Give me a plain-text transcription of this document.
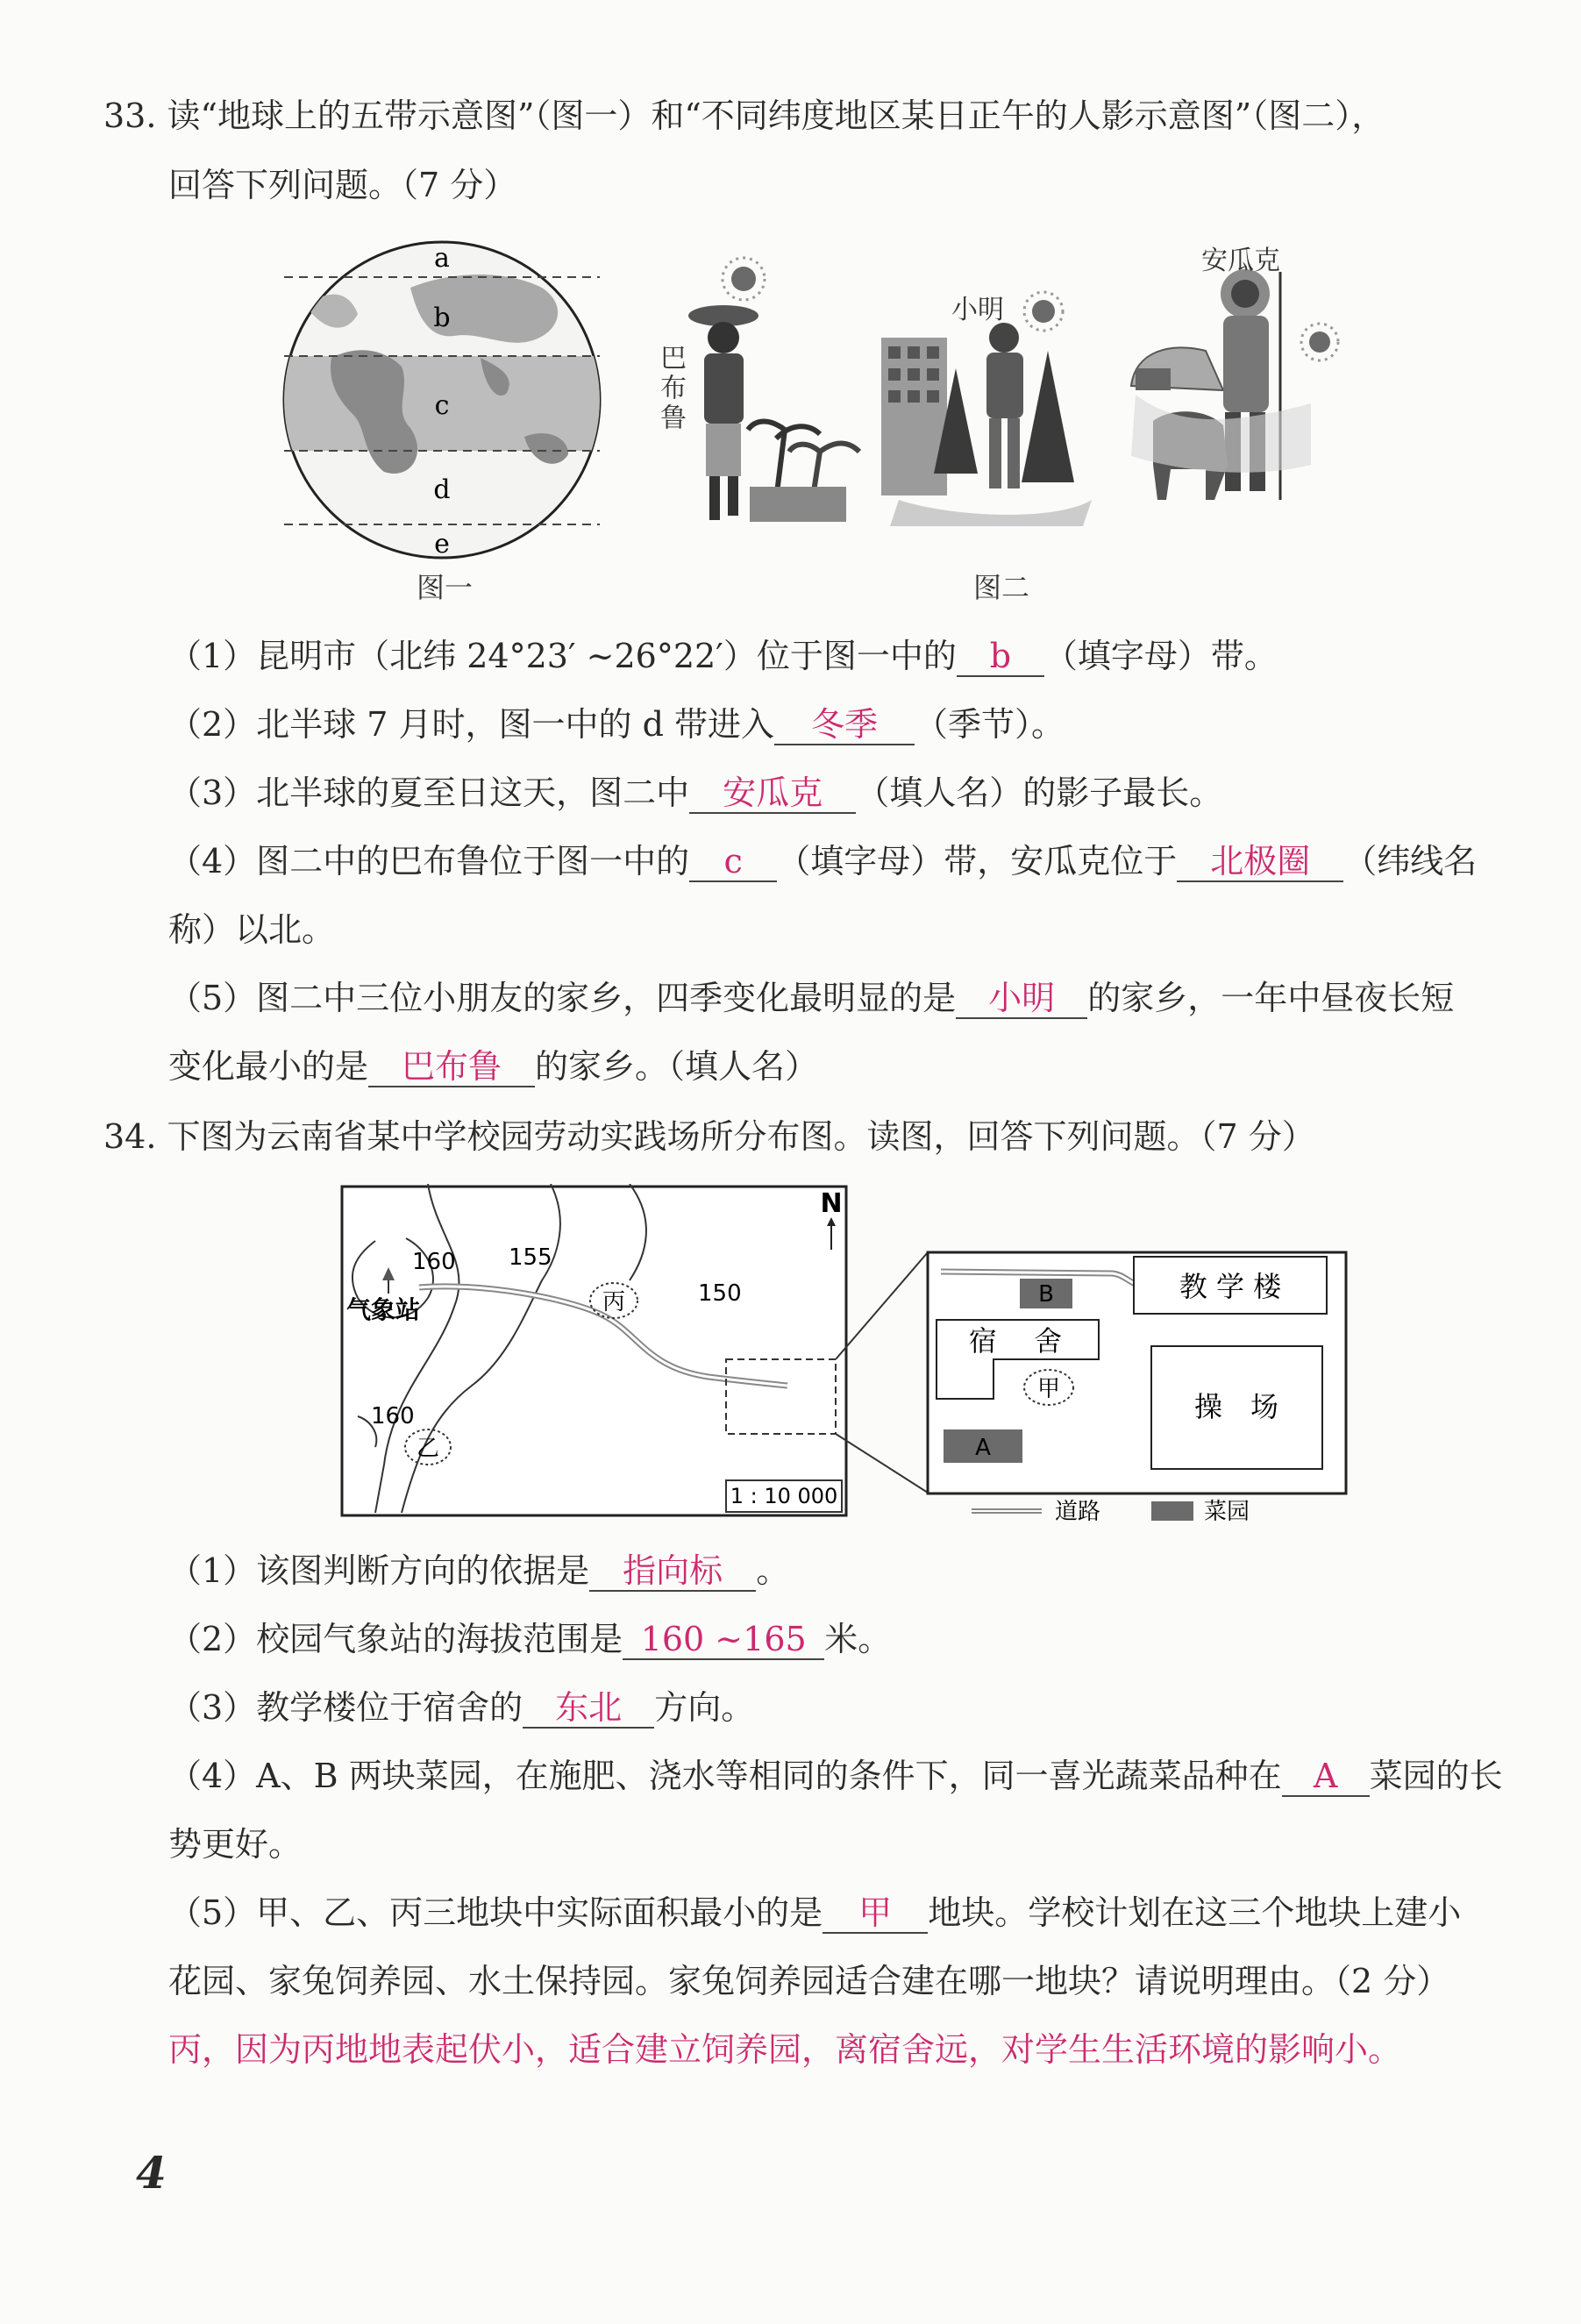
33. 读“地球上的五带示意图”（图一）和“不同纬度地区某日正午的人影示意图”（图二），
回答下列问题。（7 分）
a
b
c
d
e
图一
巴布鲁
小明
安瓜克
图二
（1）昆明市（北纬 24°23′ ~26°22′）位于图一中的 b （填字母）带。
（2）北半球 7 月时，图一中的 d 带进入 冬季 （季节）。
（3）北半球的夏至日这天，图二中 安瓜克 （填人名）的影子最长。
（4）图二中的巴布鲁位于图一中的 c （填字母）带，安瓜克位于 北极圈 （纬线名
称）以北。
（5）图二中三位小朋友的家乡，四季变化最明显的是 小明 的家乡，一年中昼夜长短
变化最小的是 巴布鲁 的家乡。（填人名）
34. 下图为云南省某中学校园劳动实践场所分布图。读图，回答下列问题。（7 分）
160 155
150
160
气象站	丙
乙
N
1 : 10 000
教 学 楼
B
宿　 舍
甲
操　场
A
道路	菜园
（1）该图判断方向的依据是 指向标 。
（2）校园气象站的海拔范围是 160 ~165 米。
（3）教学楼位于宿舍的 东北 方向。
（4）A、B 两块菜园，在施肥、浇水等相同的条件下，同一喜光蔬菜品种在 A 菜园的长
势更好。
（5）甲、乙、丙三地块中实际面积最小的是 甲 地块。学校计划在这三个地块上建小
花园、家兔饲养园、水土保持园。家兔饲养园适合建在哪一地块？请说明理由。（2 分）
丙，因为丙地地表起伏小，适合建立饲养园，离宿舍远，对学生生活环境的影响小。
4
